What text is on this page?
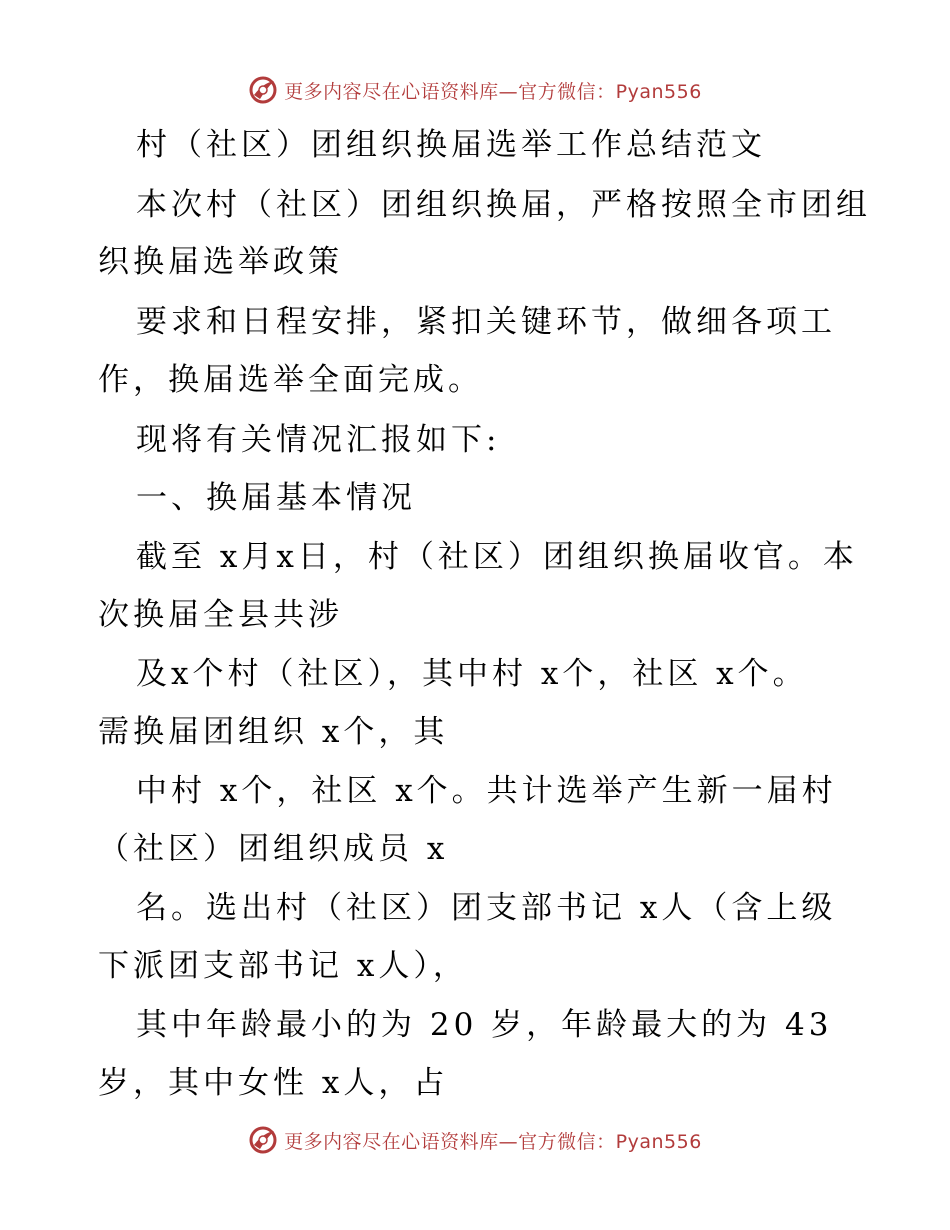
更多内容尽在心语资料库—官方微信：Pyan556
村（社区）团组织换届选举工作总结范文
本次村（社区）团组织换届，严格按照全市团组
织换届选举政策
要求和日程安排，紧扣关键环节，做细各项工
作，换届选举全面完成。
现将有关情况汇报如下:
一、换届基本情况
截至 x月x日，村（社区）团组织换届收官。本
次换届全县共涉
及x个村（社区），其中村 x个，社区 x个。
需换届团组织 x个，其
中村 x个，社区 x个。共计选举产生新一届村
（社区）团组织成员 x
名。选出村（社区）团支部书记 x人（含上级
下派团支部书记 x人），
其中年龄最小的为 20 岁，年龄最大的为 43
岁，其中女性 x人，占
更多内容尽在心语资料库—官方微信：Pyan556
